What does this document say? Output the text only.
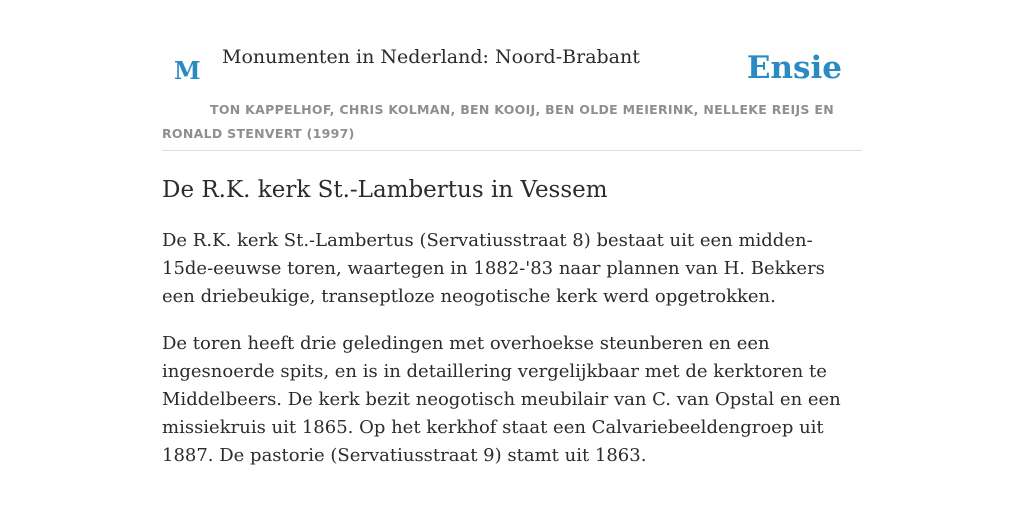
M Monumenten in Nederland: Noord-Brabant	Ensie
TON KAPPELHOF, CHRIS KOLMAN, BEN KOOIJ, BEN OLDE MEIERINK, NELLEKE REIJS EN RONALD STENVERT (1997)
De R.K. kerk St.-Lambertus in Vessem

De R.K. kerk St.-Lambertus (Servatiusstraat 8) bestaat uit een midden-15de-eeuwse toren, waartegen in 1882-'83 naar plannen van H. Bekkers een driebeukige, transeptloze neogotische kerk werd opgetrokken.

De toren heeft drie geledingen met overhoekse steunberen en een ingesnoerde spits, en is in detaillering vergelijkbaar met de kerktoren te Middelbeers. De kerk bezit neogotisch meubilair van C. van Opstal en een missiekruis uit 1865. Op het kerkhof staat een Calvariebeeldengroep uit 1887. De pastorie (Servatiusstraat 9) stamt uit 1863.
